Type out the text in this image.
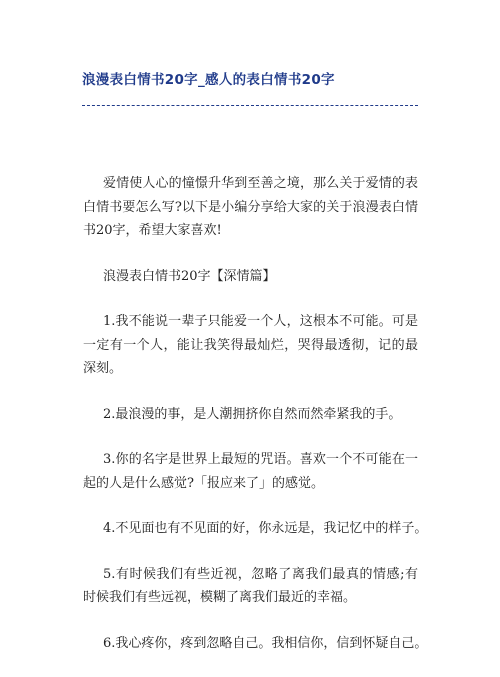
浪漫表白情书20字_感人的表白情书20字

爱情使人心的憧憬升华到至善之境，那么关于爱情的表白情书要怎么写?以下是小编分享给大家的关于浪漫表白情书20字，希望大家喜欢!

浪漫表白情书20字【深情篇】

1.我不能说一辈子只能爱一个人，这根本不可能。可是一定有一个人，能让我笑得最灿烂，哭得最透彻，记的最深刻。

2.最浪漫的事，是人潮拥挤你自然而然牵紧我的手。

3.你的名字是世界上最短的咒语。喜欢一个不可能在一起的人是什么感觉?「报应来了」的感觉。

4.不见面也有不见面的好，你永远是，我记忆中的样子。

5.有时候我们有些近视，忽略了离我们最真的情感;有时候我们有些远视，模糊了离我们最近的幸福。

6.我心疼你，疼到忽略自己。我相信你，信到怀疑自己。
